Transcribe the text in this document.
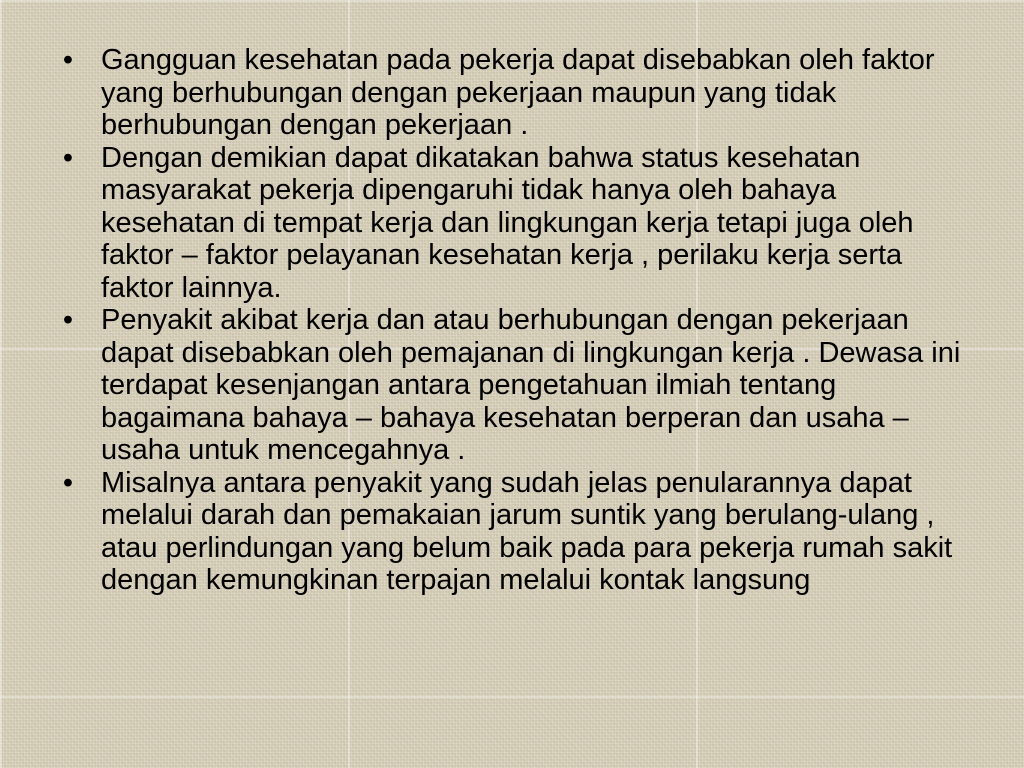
• Gangguan kesehatan pada pekerja dapat disebabkan oleh faktor yang berhubungan dengan pekerjaan maupun yang tidak berhubungan dengan pekerjaan .
• Dengan demikian dapat dikatakan bahwa status kesehatan masyarakat pekerja dipengaruhi tidak hanya oleh bahaya kesehatan di tempat kerja dan lingkungan kerja tetapi juga oleh faktor – faktor pelayanan kesehatan kerja , perilaku kerja serta faktor lainnya.
• Penyakit akibat kerja dan atau berhubungan dengan pekerjaan dapat disebabkan oleh pemajanan di lingkungan kerja . Dewasa ini terdapat kesenjangan antara pengetahuan ilmiah tentang bagaimana bahaya – bahaya kesehatan berperan dan usaha – usaha untuk mencegahnya .
• Misalnya antara penyakit yang sudah jelas penularannya dapat melalui darah dan pemakaian jarum suntik yang berulang-ulang , atau perlindungan yang belum baik pada para pekerja rumah sakit dengan kemungkinan terpajan melalui kontak langsung
